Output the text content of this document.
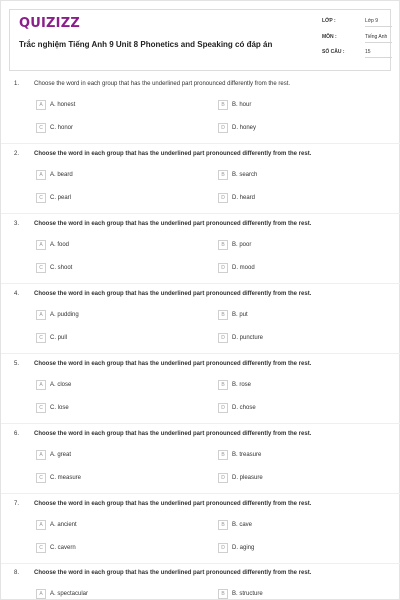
QUIZIZZ
Trắc nghiệm Tiếng Anh 9 Unit 8 Phonetics and Speaking có đáp án
LỚP :	Lớp 9
MÔN :	Tiếng Anh
SỐ CÂU :	15
1. Choose the word in each group that has the underlined part pronounced differently from the rest.
A	A. honest	B	B. hour
C	C. honor	D	D. honey
2. Choose the word in each group that has the underlined part pronounced differently from the rest.
A	A. beard	B	B. search
C	C. pearl	D	D. heard
3. Choose the word in each group that has the underlined part pronounced differently from the rest.
A	A. food	B	B. poor
C	C. shoot	D	D. mood
4. Choose the word in each group that has the underlined part pronounced differently from the rest.
A	A. pudding	B	B. put
C	C. pull	D	D. puncture
5. Choose the word in each group that has the underlined part pronounced differently from the rest.
A	A. close	B	B. rose
C	C. lose	D	D. chose
6. Choose the word in each group that has the underlined part pronounced differently from the rest.
A	A. great	B	B. treasure
C	C. measure	D	D. pleasure
7. Choose the word in each group that has the underlined part pronounced differently from the rest.
A	A. ancient	B	B. cave
C	C. cavern	D	D. aging
8. Choose the word in each group that has the underlined part pronounced differently from the rest.
A	A. spectacular	B	B. structure
